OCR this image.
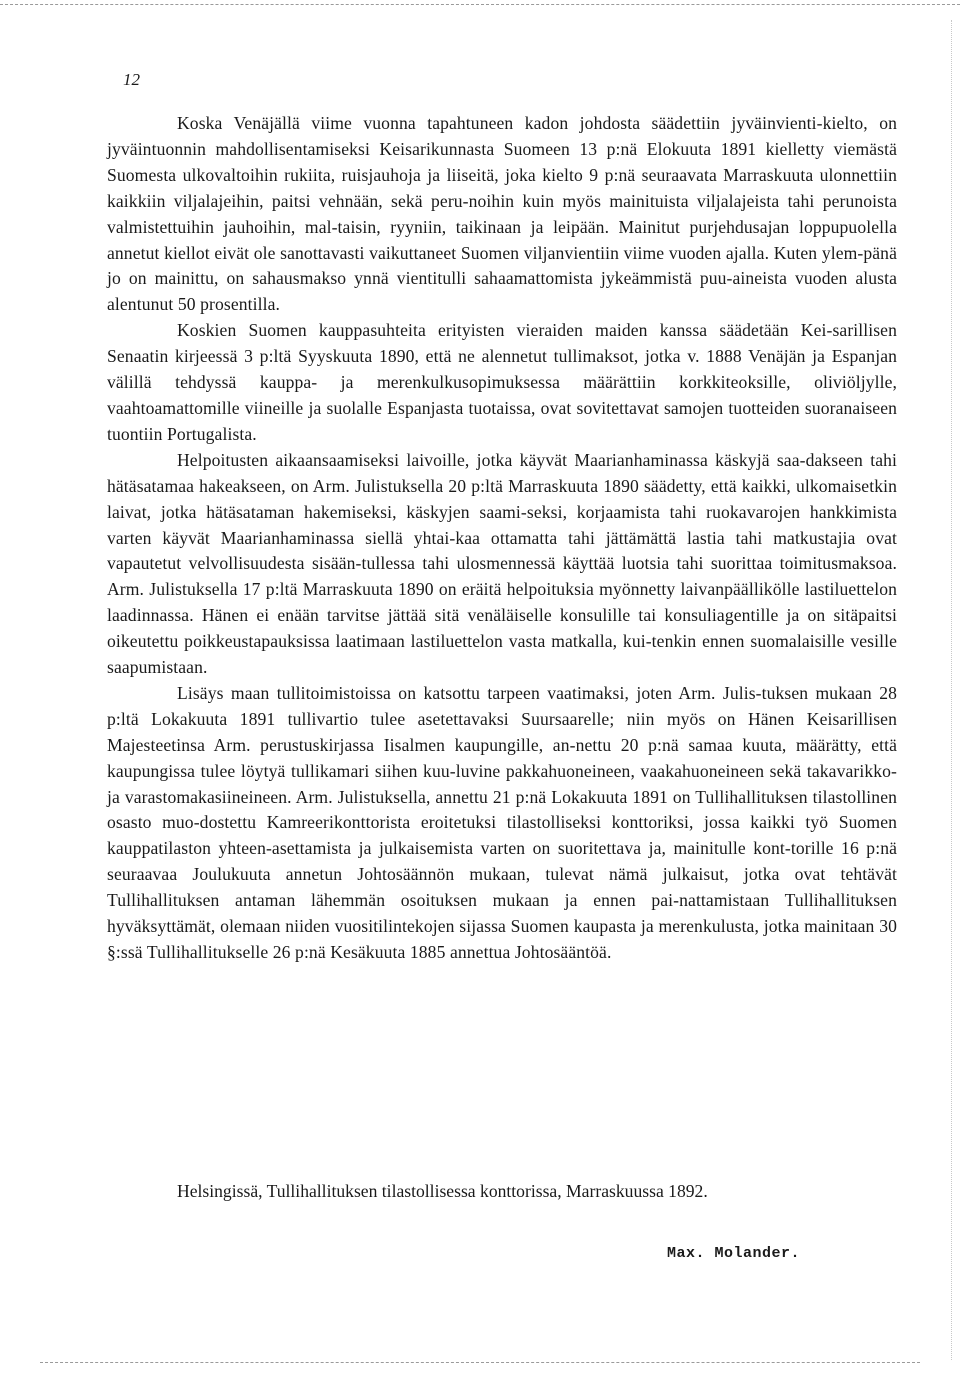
12

Koska Venäjällä viime vuonna tapahtuneen kadon johdosta säädettiin jyväinvienti-kielto, on jyväintuonnin mahdollisentamiseksi Keisarikunnasta Suomeen 13 p:nä Elokuuta 1891 kielletty viemästä Suomesta ulkovaltoihin rukiita, ruisjauhoja ja liiseitä, joka kielto 9 p:nä seuraavata Marraskuuta ulonnettiin kaikkiin viljalajeihin, paitsi vehnään, sekä peru-noihin kuin myös mainituista viljalajeista tahi perunoista valmistettuihin jauhoihin, mal-taisin, ryyniin, taikinaan ja leipään. Mainitut purjehdusajan loppupuolella annetut kiellot eivät ole sanottavasti vaikuttaneet Suomen viljanvientiin viime vuoden ajalla. Kuten ylem-pänä jo on mainittu, on sahausmakso ynnä vientitulli sahaamattomista jykeämmistä puu-aineista vuoden alusta alentunut 50 prosentilla.

Koskien Suomen kauppasuhteita erityisten vieraiden maiden kanssa säädetään Kei-sarillisen Senaatin kirjeessä 3 p:ltä Syyskuuta 1890, että ne alennetut tullimaksot, jotka v. 1888 Venäjän ja Espanjan välillä tehdyssä kauppa- ja merenkulkusopimuksessa määrättiin korkkiteoksille, oliviöljylle, vaahtoamattomille viineille ja suolalle Espanjasta tuotaissa, ovat sovitettavat samojen tuotteiden suoranaiseen tuontiin Portugalista.

Helpoitusten aikaansaamiseksi laivoille, jotka käyvät Maarianhaminassa käskyjä saa-dakseen tahi hätäsatamaa hakeakseen, on Arm. Julistuksella 20 p:ltä Marraskuuta 1890 säädetty, että kaikki, ulkomaisetkin laivat, jotka hätäsataman hakemiseksi, käskyjen saami-seksi, korjaamista tahi ruokavarojen hankkimista varten käyvät Maarianhaminassa siellä yhtai-kaa ottamatta tahi jättämättä lastia tahi matkustajia ovat vapautetut velvollisuudesta sisään-tullessa tahi ulosmennessä käyttää luotsia tahi suorittaa toimitusmaksoa. Arm. Julistuksella 17 p:ltä Marraskuuta 1890 on eräitä helpoituksia myönnetty laivanpäällikölle lastiluettelon laadinnassa. Hänen ei enään tarvitse jättää sitä venäläiselle konsulille tai konsuliagentille ja on sitäpaitsi oikeutettu poikkeustapauksissa laatimaan lastiluettelon vasta matkalla, kui-tenkin ennen suomalaisille vesille saapumistaan.

Lisäys maan tullitoimistoissa on katsottu tarpeen vaatimaksi, joten Arm. Julis-tuksen mukaan 28 p:ltä Lokakuuta 1891 tullivartio tulee asetettavaksi Suursaarelle; niin myös on Hänen Keisarillisen Majesteetinsa Arm. perustuskirjassa Iisalmen kaupungille, an-nettu 20 p:nä samaa kuuta, määrätty, että kaupungissa tulee löytyä tullikamari siihen kuu-luvine pakkahuoneineen, vaakahuoneineen sekä takavarikko- ja varastomakasiineineen. Arm. Julistuksella, annettu 21 p:nä Lokakuuta 1891 on Tullihallituksen tilastollinen osasto muo-dostettu Kamreerikonttorista eroitetuksi tilastolliseksi konttoriksi, jossa kaikki työ Suomen kauppatilaston yhteen-asettamista ja julkaisemista varten on suoritettava ja, mainitulle kont-torille 16 p:nä seuraavaa Joulukuuta annetun Johtosäännön mukaan, tulevat nämä julkaisut, jotka ovat tehtävät Tullihallituksen antaman lähemmän osoituksen mukaan ja ennen pai-nattamistaan Tullihallituksen hyväksyttämät, olemaan niiden vuositilintekojen sijassa Suomen kaupasta ja merenkulusta, jotka mainitaan 30 §:ssä Tullihallitukselle 26 p:nä Kesäkuuta 1885 annettua Johtosääntöä.

Helsingissä, Tullihallituksen tilastollisessa konttorissa, Marraskuussa 1892.
Max. Molander.
